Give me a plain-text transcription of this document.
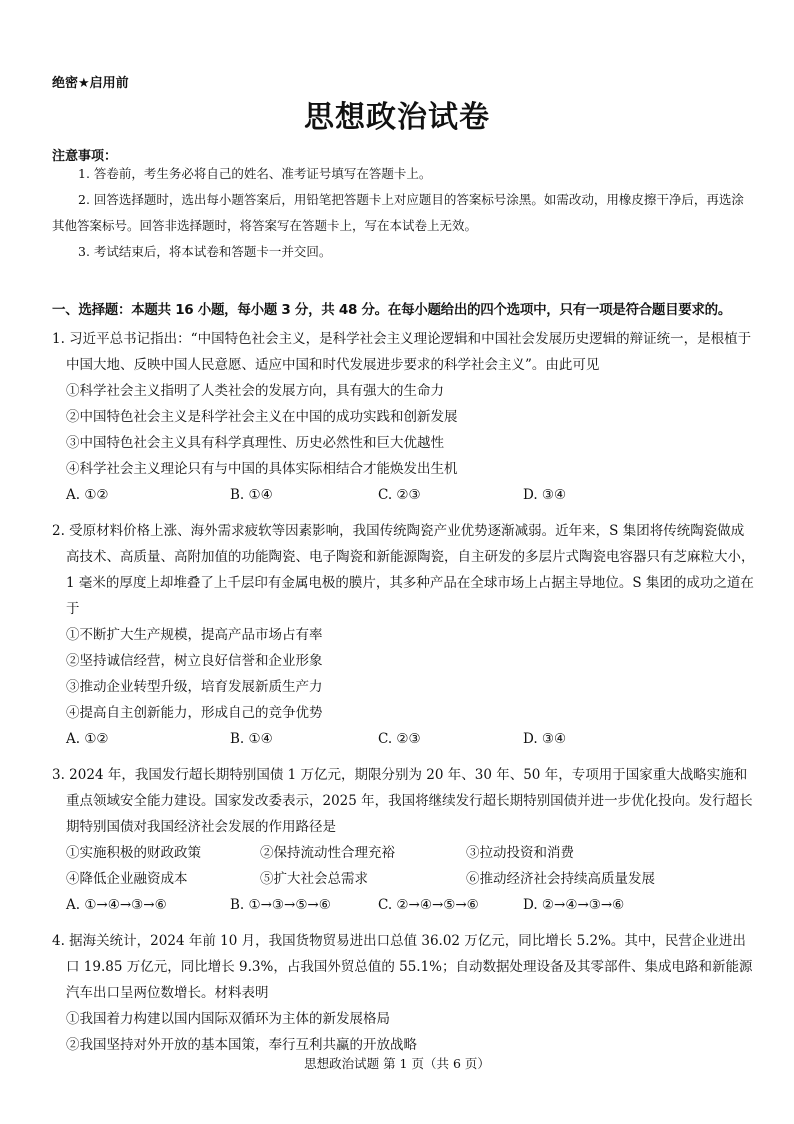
绝密★启用前
思想政治试卷
注意事项：
1. 答卷前，考生务必将自己的姓名、准考证号填写在答题卡上。
2. 回答选择题时，选出每小题答案后，用铅笔把答题卡上对应题目的答案标号涂黑。如需改动，用橡皮擦干净后，再选涂其他答案标号。回答非选择题时，将答案写在答题卡上，写在本试卷上无效。
3. 考试结束后，将本试卷和答题卡一并交回。
一、选择题：本题共 16 小题，每小题 3 分，共 48 分。在每小题给出的四个选项中，只有一项是符合题目要求的。
1. 习近平总书记指出：“中国特色社会主义，是科学社会主义理论逻辑和中国社会发展历史逻辑的辩证统一，是根植于中国大地、反映中国人民意愿、适应中国和时代发展进步要求的科学社会主义”。由此可见
①科学社会主义指明了人类社会的发展方向，具有强大的生命力
②中国特色社会主义是科学社会主义在中国的成功实践和创新发展
③中国特色社会主义具有科学真理性、历史必然性和巨大优越性
④科学社会主义理论只有与中国的具体实际相结合才能焕发出生机
A. ①②	B. ①④	C. ②③	D. ③④
2. 受原材料价格上涨、海外需求疲软等因素影响，我国传统陶瓷产业优势逐渐减弱。近年来，S 集团将传统陶瓷做成高技术、高质量、高附加值的功能陶瓷、电子陶瓷和新能源陶瓷，自主研发的多层片式陶瓷电容器只有芝麻粒大小，1 毫米的厚度上却堆叠了上千层印有金属电极的膜片，其多种产品在全球市场上占据主导地位。S 集团的成功之道在于
①不断扩大生产规模，提高产品市场占有率
②坚持诚信经营，树立良好信誉和企业形象
③推动企业转型升级，培育发展新质生产力
④提高自主创新能力，形成自己的竞争优势
A. ①②	B. ①④	C. ②③	D. ③④
3. 2024 年，我国发行超长期特别国债 1 万亿元，期限分别为 20 年、30 年、50 年，专项用于国家重大战略实施和重点领域安全能力建设。国家发改委表示，2025 年，我国将继续发行超长期特别国债并进一步优化投向。发行超长期特别国债对我国经济社会发展的作用路径是
①实施积极的财政政策	②保持流动性合理充裕	③拉动投资和消费
④降低企业融资成本	⑤扩大社会总需求	⑥推动经济社会持续高质量发展
A. ①→④→③→⑥	B. ①→③→⑤→⑥	C. ②→④→⑤→⑥	D. ②→④→③→⑥
4. 据海关统计，2024 年前 10 月，我国货物贸易进出口总值 36.02 万亿元，同比增长 5.2%。其中，民营企业进出口 19.85 万亿元，同比增长 9.3%，占我国外贸总值的 55.1%；自动数据处理设备及其零部件、集成电路和新能源汽车出口呈两位数增长。材料表明
①我国着力构建以国内国际双循环为主体的新发展格局
②我国坚持对外开放的基本国策，奉行互利共赢的开放战略
思想政治试题 第 1 页（共 6 页）
